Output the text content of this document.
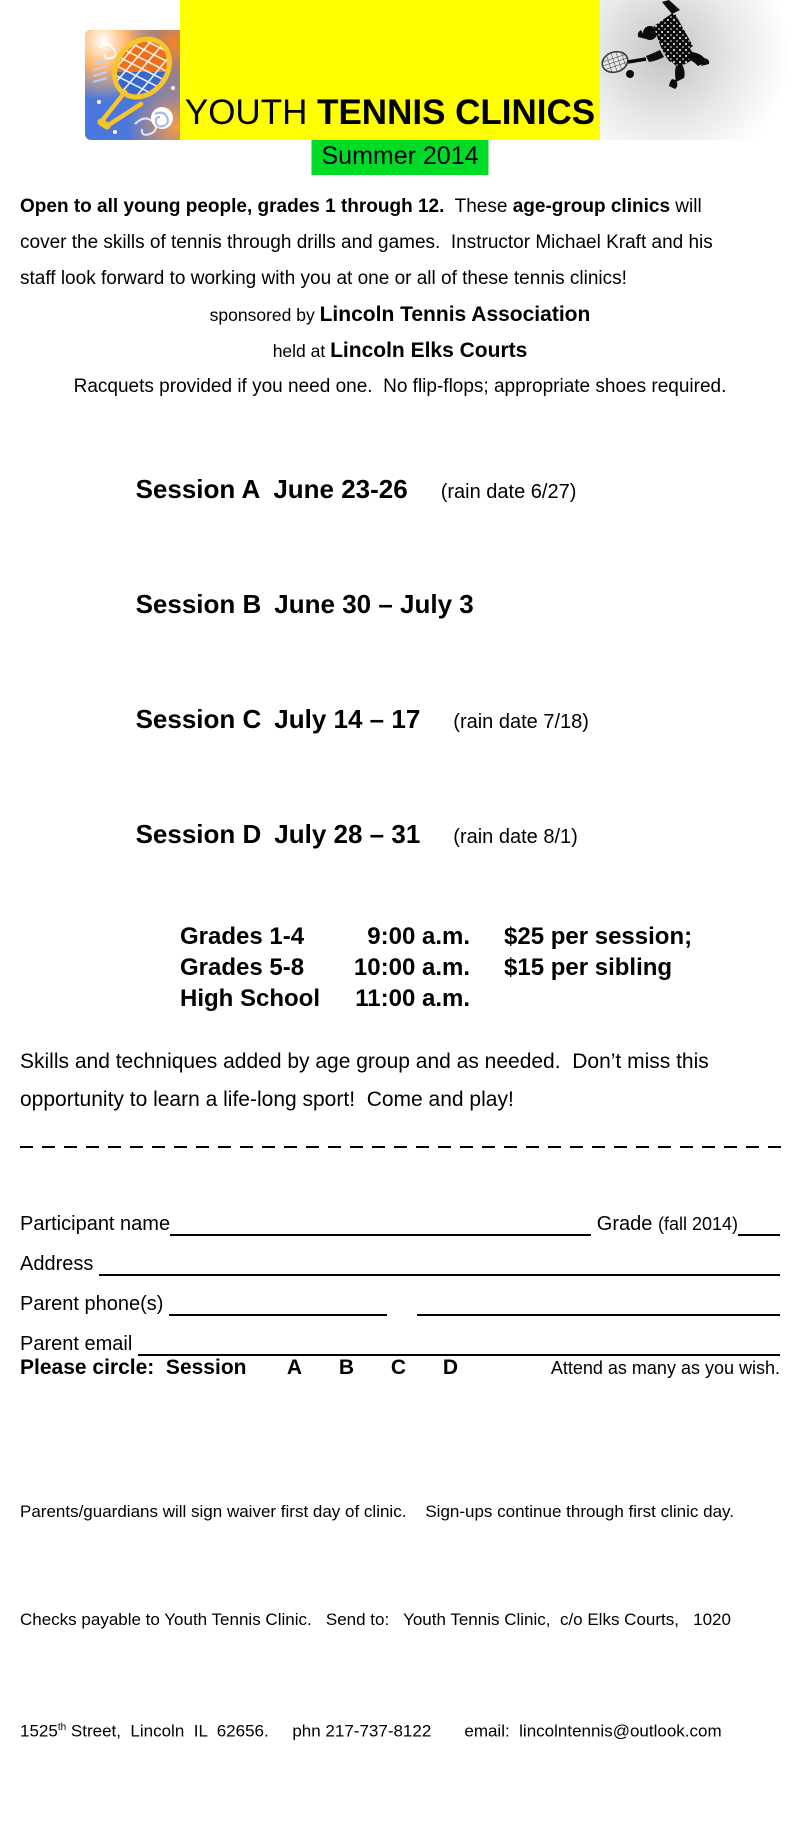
YOUTH TENNIS CLINICS
Summer 2014
Open to all young people, grades 1 through 12.  These age-group clinics will
cover the skills of tennis through drills and games.  Instructor Michael Kraft and his
staff look forward to working with you at one or all of these tennis clinics!
sponsored by Lincoln Tennis Association
held at Lincoln Elks Courts
Racquets provided if you need one.  No flip-flops; appropriate shoes required.

Session A June 23-26 (rain date 6/27)

Session B June 30 – July 3

Session C July 14 – 17 (rain date 7/18)

Session D July 28 – 31 (rain date 8/1)

Grades 1-4	9:00 a.m. $25 per session;
Grades 5-8	10:00 a.m. $15 per sibling
High School	11:00 a.m.
Skills and techniques added by age group and as needed.  Don’t miss this
opportunity to learn a life-long sport!  Come and play!
Participant name	Grade (fall 2014)
Address
Parent phone(s)
Parent email
Please circle:  Session	A	B	C	D	Attend as many as you wish.

Parents/guardians will sign waiver first day of clinic.    Sign-ups continue through first clinic day.

Checks payable to Youth Tennis Clinic.   Send to:   Youth Tennis Clinic,  c/o Elks Courts,   1020

1525th Street,  Lincoln  IL  62656.     phn 217-737-8122       email:  lincolntennis@outlook.com
